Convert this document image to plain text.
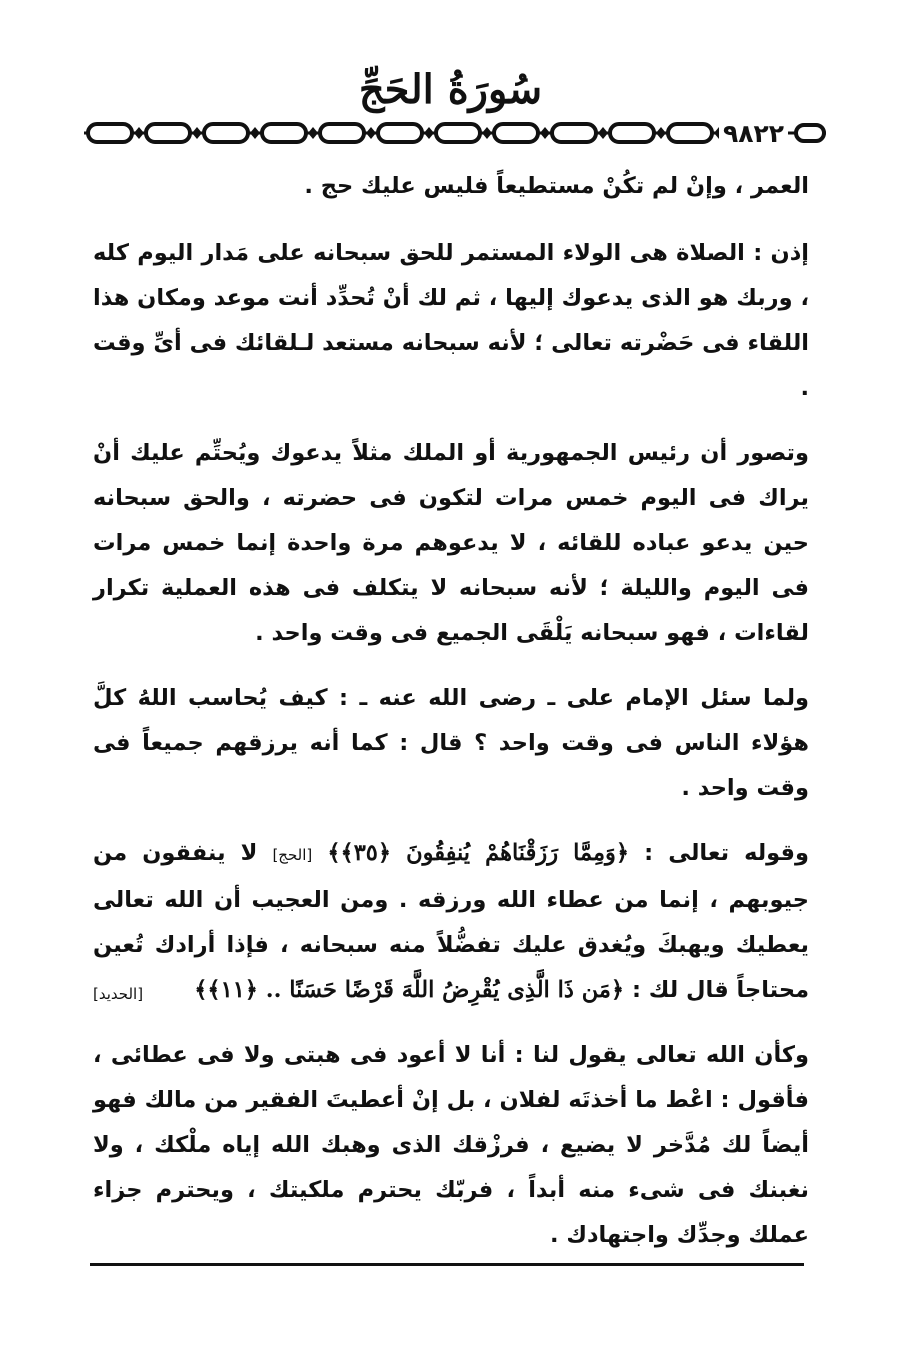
سُورَةُ الحَجِّ
٩٨٢٢

العمر ، وإنْ لم تكُنْ مستطيعاً فليس عليك حج .

إذن : الصلاة هى الولاء المستمر للحق سبحانه على مَدار اليوم كله ، وربك هو الذى يدعوك إليها ، ثم لك أنْ تُحدِّد أنت موعد ومكان هذا اللقاء فى حَضْرته تعالى ؛ لأنه سبحانه مستعد لـلقائك فى أىِّ وقت .

وتصور أن رئيس الجمهورية أو الملك مثلاً يدعوك ويُحتِّم عليك أنْ يراك فى اليوم خمس مرات لتكون فى حضرته ، والحق سبحانه حين يدعو عباده للقائه ، لا يدعوهم مرة واحدة إنما خمس مرات فى اليوم والليلة ؛ لأنه سبحانه لا يتكلف فى هذه العملية تكرار لقاءات ، فهو سبحانه يَلْقَى الجميع فى وقت واحد .

ولما سئل الإمام على ـ رضى الله عنه ـ : كيف يُحاسب اللهُ كلَّ هؤلاء الناس فى وقت واحد ؟ قال : كما أنه يرزقهم جميعاً فى وقت واحد .

وقوله تعالى : ﴿وَمِمَّا رَزَقْنَاهُمْ يُنفِقُونَ ﴿٣٥﴾﴾ [الحج] لا ينفقون من جيوبهم ، إنما من عطاء الله ورزقه . ومن العجيب أن الله تعالى يعطيك ويهبكَ ويُغدق عليك تفضُّلاً منه سبحانه ، فإذا أرادك تُعين محتاجاً قال لك : ﴿مَن ذَا الَّذِى يُقْرِضُ اللَّهَ قَرْضًا حَسَنًا .. ﴿١١﴾﴾
[الحديد]

وكأن الله تعالى يقول لنا : أنا لا أعود فى هبتى ولا فى عطائى ، فأقول : اعْط ما أخذتَه لفلان ، بل إنْ أعطيتَ الفقير من مالك فهو أيضاً لك مُدَّخر لا يضيع ، فرزْقك الذى وهبك الله إياه ملْكك ، ولا نغبنك فى شىء منه أبداً ، فربّك يحترم ملكيتك ، ويحترم جزاء عملك وجدِّك واجتهادك .
